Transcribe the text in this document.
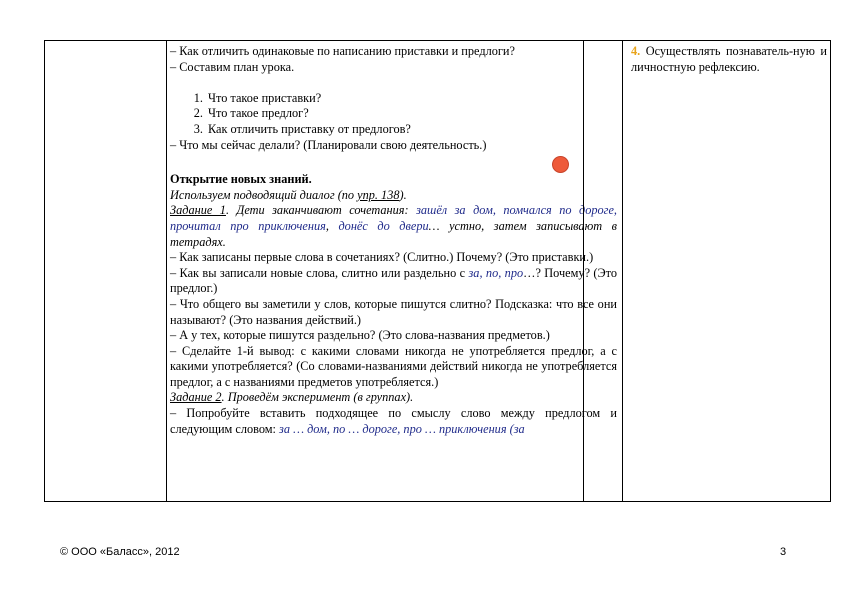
– Как отличить одинаковые по написанию приставки и предлоги?

– Составим план урока.

1. Что такое приставки?
2. Что такое предлог?
3. Как отличить приставку от предлогов?

– Что мы сейчас делали? (Планировали свою деятельность.)

Открытие новых знаний.

Используем подводящий диалог (по упр. 138).

Задание 1. Дети заканчивают сочетания: зашёл за дом, помчался по дороге, прочитал про приключения, донёс до двери… устно, затем записывают в тетрадях.

– Как записаны первые слова в сочетаниях? (Слитно.) Почему? (Это приставки.)

– Как вы записали новые слова, слитно или раздельно с за, по, про…? Почему? (Это предлог.)

– Что общего вы заметили у слов, которые пишутся слитно? Подсказка: что все они называют? (Это названия действий.)

– А у тех, которые пишутся раздельно? (Это слова-названия предметов.)

– Сделайте 1-й вывод: с какими словами никогда не употребляется предлог, а с какими употребляется? (Со словами-названиями действий никогда не употребляется предлог, а с названиями предметов употребляется.)

Задание 2. Проведём эксперимент (в группах).

– Попробуйте вставить подходящее по смыслу слово между предлогом и следующим словом: за … дом, по … дороге, про … приключения (за

4. Осуществлять познаватель-ную и личностную рефлексию.

© ООО «Баласс», 2012	3
